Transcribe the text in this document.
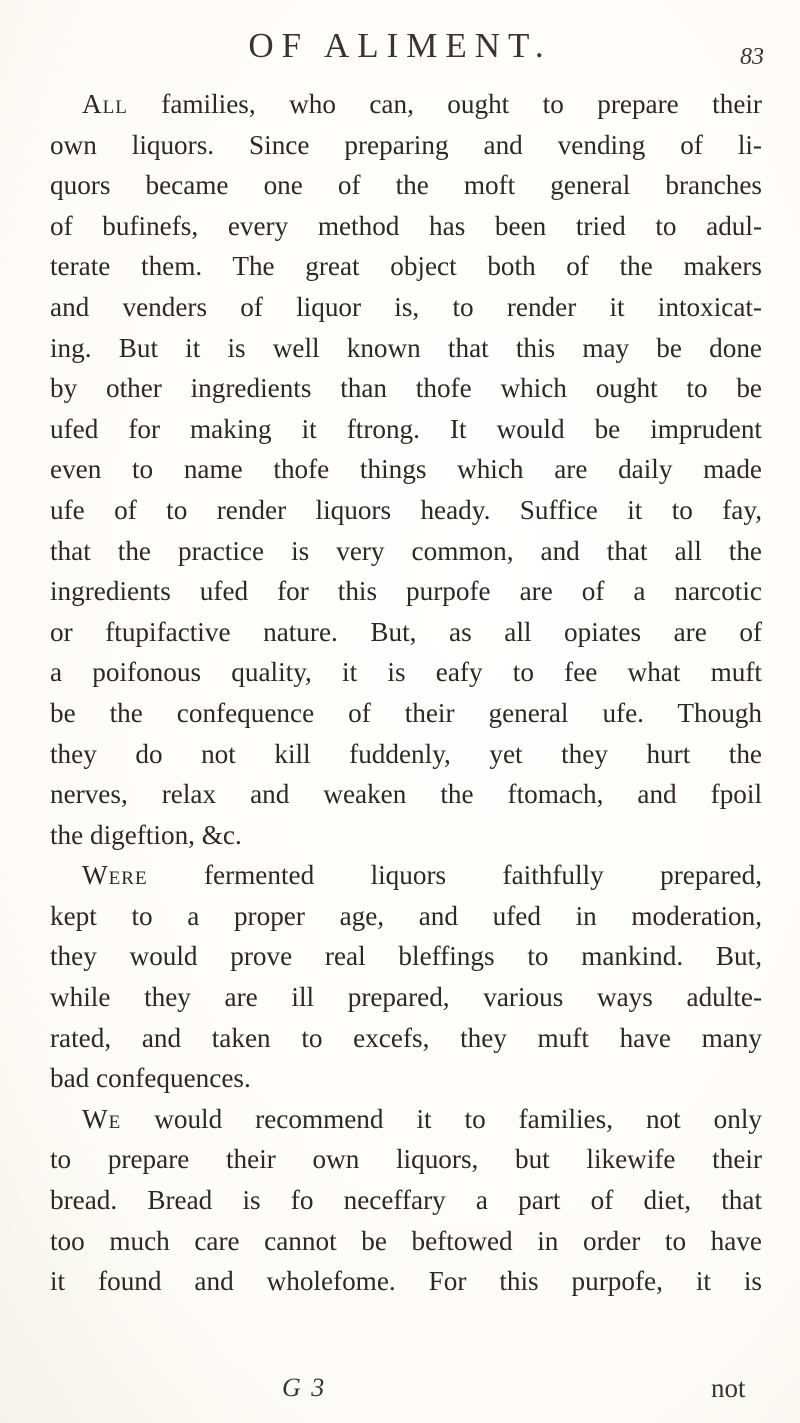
OF ALIMENT.	83
All families, who can, ought to prepare their
own liquors. Since preparing and vending of li-
quors became one of the moft general branches
of bufinefs, every method has been tried to adul-
terate them. The great object both of the makers
and venders of liquor is, to render it intoxicat-
ing. But it is well known that this may be done
by other ingredients than thofe which ought to be
ufed for making it ftrong. It would be imprudent
even to name thofe things which are daily made
ufe of to render liquors heady. Suffice it to fay,
that the practice is very common, and that all the
ingredients ufed for this purpofe are of a narcotic
or ftupifactive nature. But, as all opiates are of
a poifonous quality, it is eafy to fee what muft
be the confequence of their general ufe. Though
they do not kill fuddenly, yet they hurt the
nerves, relax and weaken the ftomach, and fpoil
the digeftion, &c.
Were fermented liquors faithfully prepared,
kept to a proper age, and ufed in moderation,
they would prove real bleffings to mankind. But,
while they are ill prepared, various ways adulte-
rated, and taken to excefs, they muft have many
bad confequences.
We would recommend it to families, not only
to prepare their own liquors, but likewife their
bread. Bread is fo neceffary a part of diet, that
too much care cannot be beftowed in order to have
it found and wholefome. For this purpofe, it is
G 3	not
